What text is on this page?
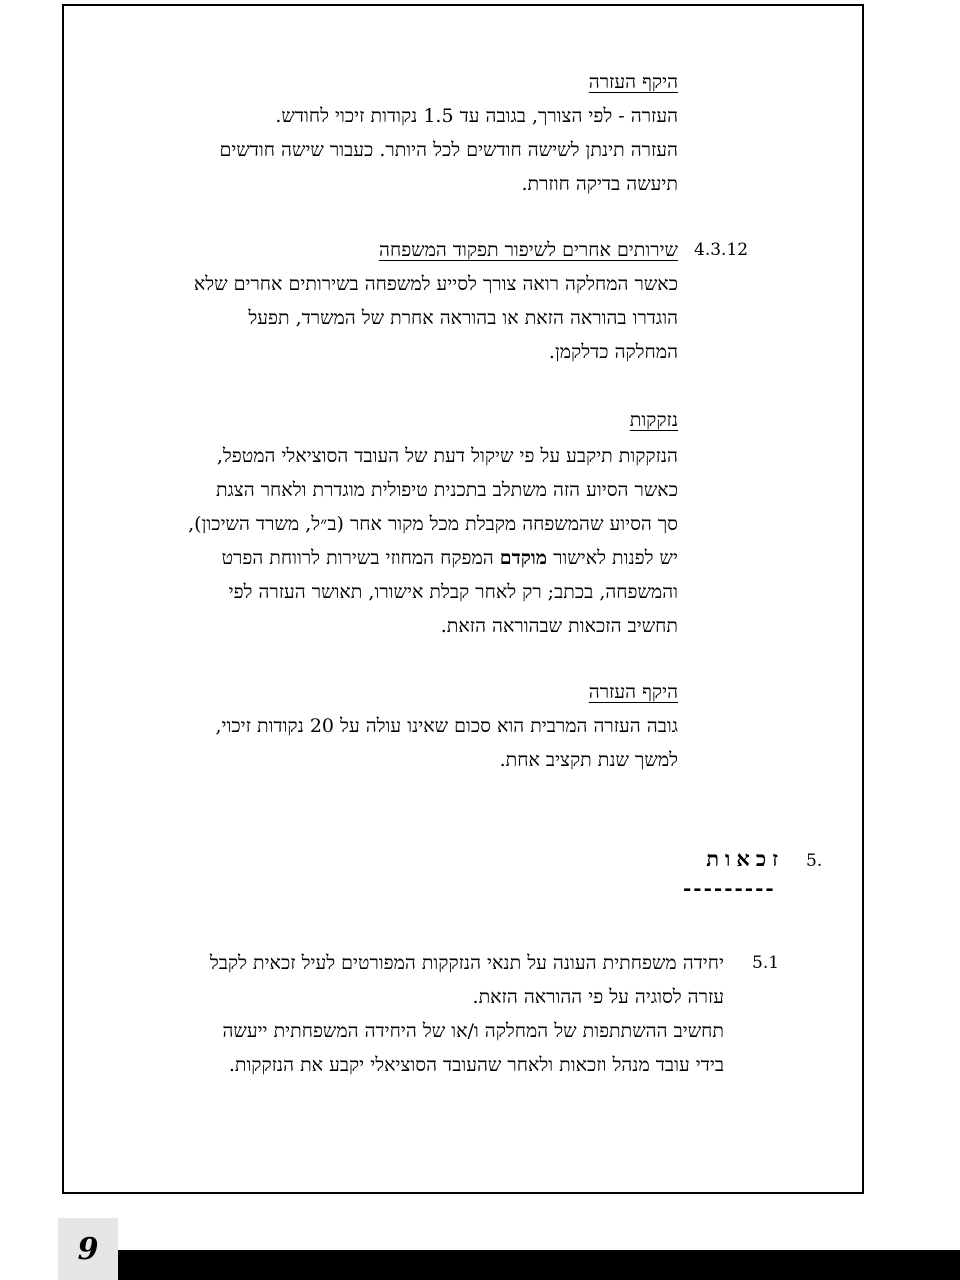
היקף העזרה
העזרה - לפי הצורך, בגובה עד 1.5 נקודות זיכוי לחודש.
העזרה תינתן לשישה חודשים לכל היותר. כעבור שישה חודשים
תיעשה בדיקה חוזרת.
4.3.12
שירותים אחרים לשיפור תפקוד המשפחה
כאשר המחלקה רואה צורך לסייע למשפחה בשירותים אחרים שלא
הוגדרו בהוראה הזאת או בהוראה אחרת של המשרד, תפעל
המחלקה כדלקמן.
נזקקות
הנזקקות תיקבע על פי שיקול דעת של העובד הסוציאלי המטפל,
כאשר הסיוע הזה משתלב בתכנית טיפולית מוגדרת ולאחר הצגת
סך הסיוע שהמשפחה מקבלת מכל מקור אחר (ב״ל, משרד השיכון),
יש לפנות לאישור מוקדם המפקח המחוזי בשירות לרווחת הפרט
והמשפחה, בכתב; רק לאחר קבלת אישורו, תאושר העזרה לפי
תחשיב הזכאות שבהוראה הזאת.
היקף העזרה
גובה העזרה המרבית הוא סכום שאינו עולה על 20 נקודות זיכוי,
למשך שנת תקציב אחת.
5.
זכאות
---------
5.1
יחידה משפחתית העונה על תנאי הנזקקות המפורטים לעיל זכאית לקבל
עזרה לסוגיה על פי ההוראה הזאת.
תחשיב ההשתתפות של המחלקה ו/או של היחידה המשפחתית ייעשה
בידי עובד מנהל וזכאות ולאחר שהעובד הסוציאלי יקבע את הנזקקות.
9
